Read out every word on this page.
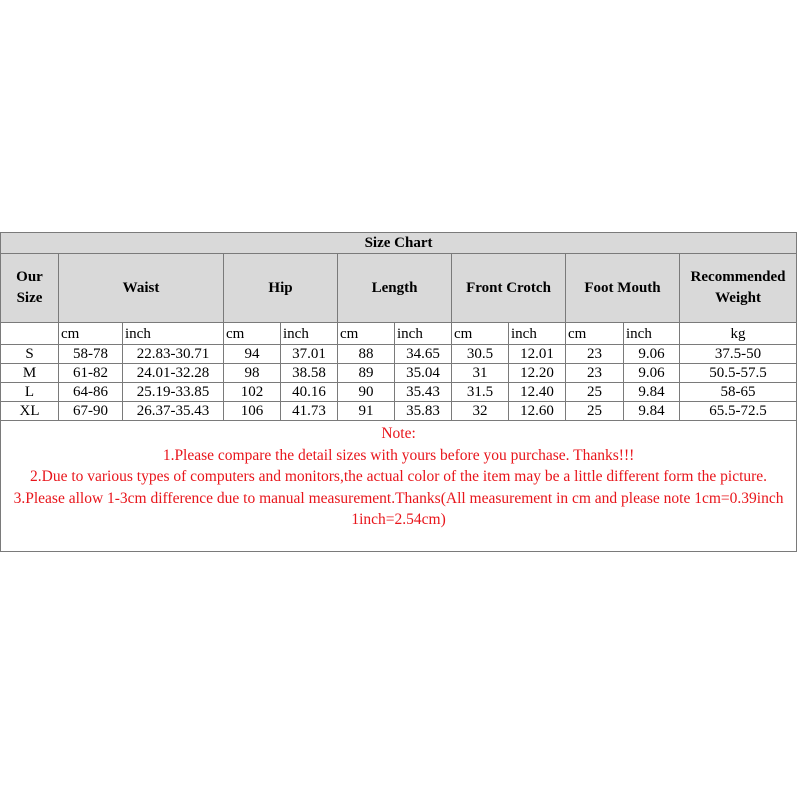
Size Chart											
Our
Size	Waist		Hip		Length		Front Crotch		Foot Mouth		Recommended
Weight
	cm	inch	cm	inch	cm	inch	cm	inch	cm	inch	kg
S	58-78	22.83-30.71	94	37.01	88	34.65	30.5	12.01	23	9.06	37.5-50
M	61-82	24.01-32.28	98	38.58	89	35.04	31	12.20	23	9.06	50.5-57.5
L	64-86	25.19-33.85	102	40.16	90	35.43	31.5	12.40	25	9.84	58-65
XL	67-90	26.37-35.43	106	41.73	91	35.83	32	12.60	25	9.84	65.5-72.5

Note:
1.Please compare the detail sizes with yours before you purchase. Thanks!!!
2.Due to various types of computers and monitors,the actual color of the item may be a little different form the picture.
3.Please allow 1-3cm difference due to manual measurement.Thanks(All measurement in cm and please note 1cm=0.39inch 1inch=2.54cm)											
